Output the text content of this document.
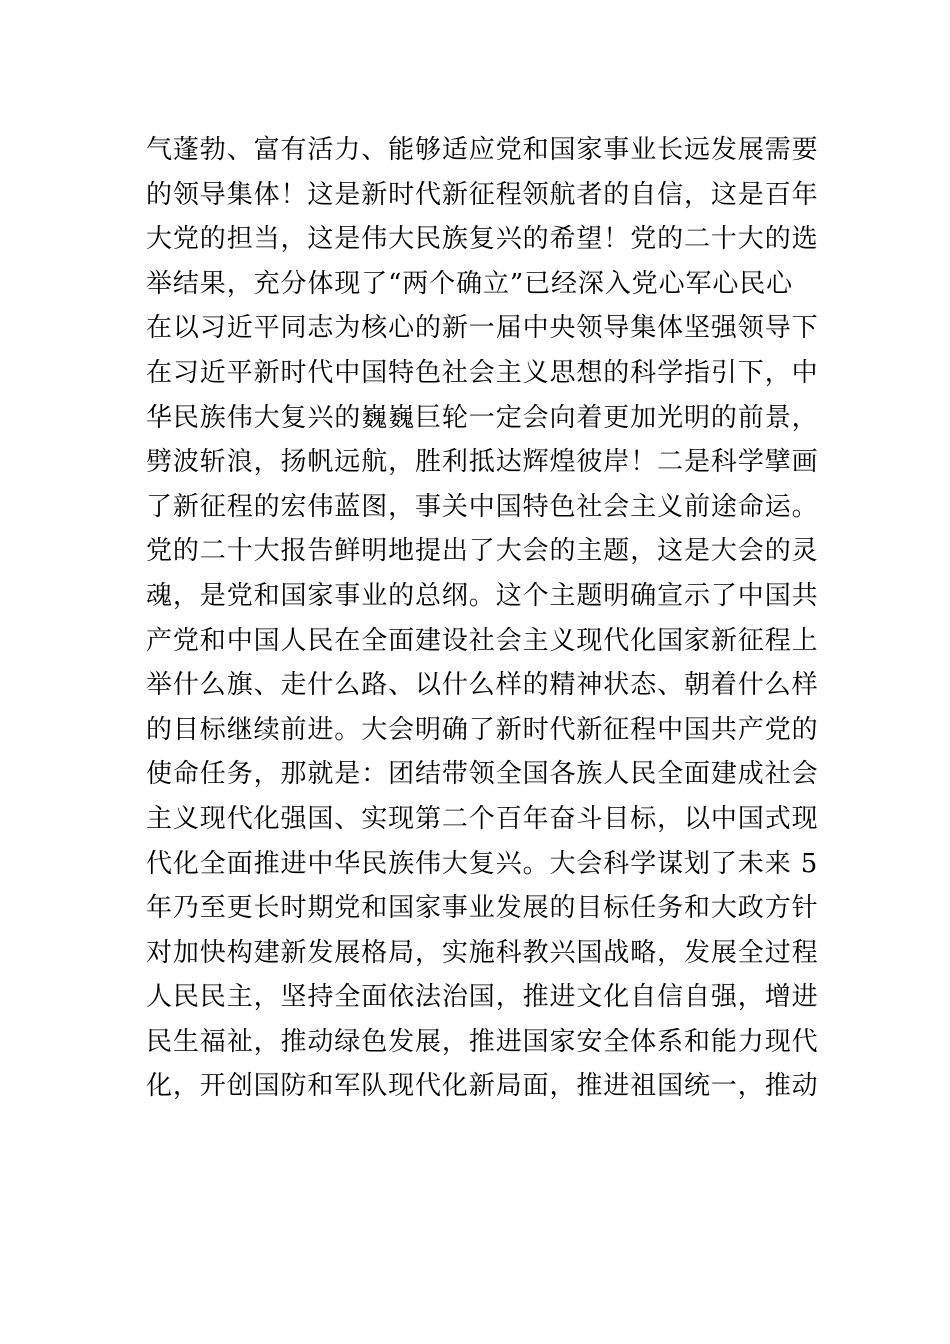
气蓬勃、富有活力、能够适应党和国家事业长远发展需要
的领导集体！这是新时代新征程领航者的自信，这是百年
大党的担当，这是伟大民族复兴的希望！党的二十大的选
举结果，充分体现了“两个确立”已经深入党心军心民心
在以习近平同志为核心的新一届中央领导集体坚强领导下
在习近平新时代中国特色社会主义思想的科学指引下，中
华民族伟大复兴的巍巍巨轮一定会向着更加光明的前景，
劈波斩浪，扬帆远航，胜利抵达辉煌彼岸！二是科学擘画
了新征程的宏伟蓝图，事关中国特色社会主义前途命运。
党的二十大报告鲜明地提出了大会的主题，这是大会的灵
魂，是党和国家事业的总纲。这个主题明确宣示了中国共
产党和中国人民在全面建设社会主义现代化国家新征程上
举什么旗、走什么路、以什么样的精神状态、朝着什么样
的目标继续前进。大会明确了新时代新征程中国共产党的
使命任务，那就是：团结带领全国各族人民全面建成社会
主义现代化强国、实现第二个百年奋斗目标，以中国式现
代化全面推进中华民族伟大复兴。大会科学谋划了未来 5
年乃至更长时期党和国家事业发展的目标任务和大政方针
对加快构建新发展格局，实施科教兴国战略，发展全过程
人民民主，坚持全面依法治国，推进文化自信自强，增进
民生福祉，推动绿色发展，推进国家安全体系和能力现代
化，开创国防和军队现代化新局面，推进祖国统一，推动
